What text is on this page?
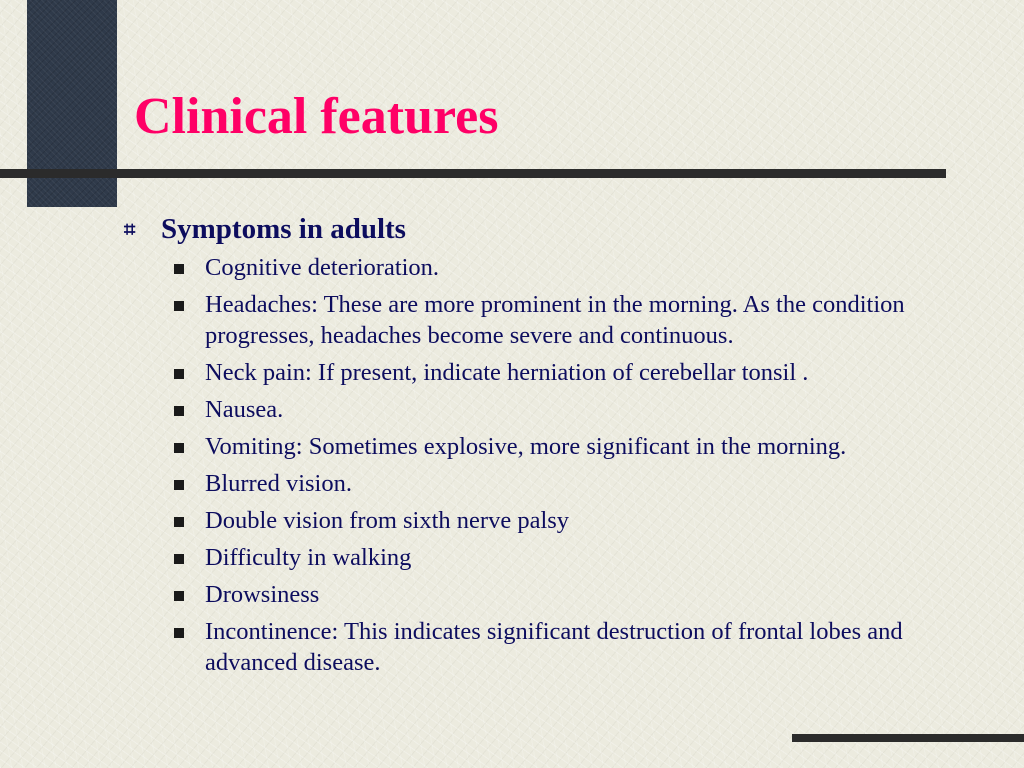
Clinical features
⌗ Symptoms in adults
Cognitive deterioration.
Headaches: These are more prominent in the morning. As the condition progresses, headaches become severe and continuous.
Neck pain: If present, indicate herniation of cerebellar tonsil .
Nausea.
Vomiting: Sometimes explosive, more significant in the morning.
Blurred vision.
Double vision from sixth nerve palsy
Difficulty in walking
Drowsiness
Incontinence: This indicates significant destruction of frontal lobes and advanced disease.
